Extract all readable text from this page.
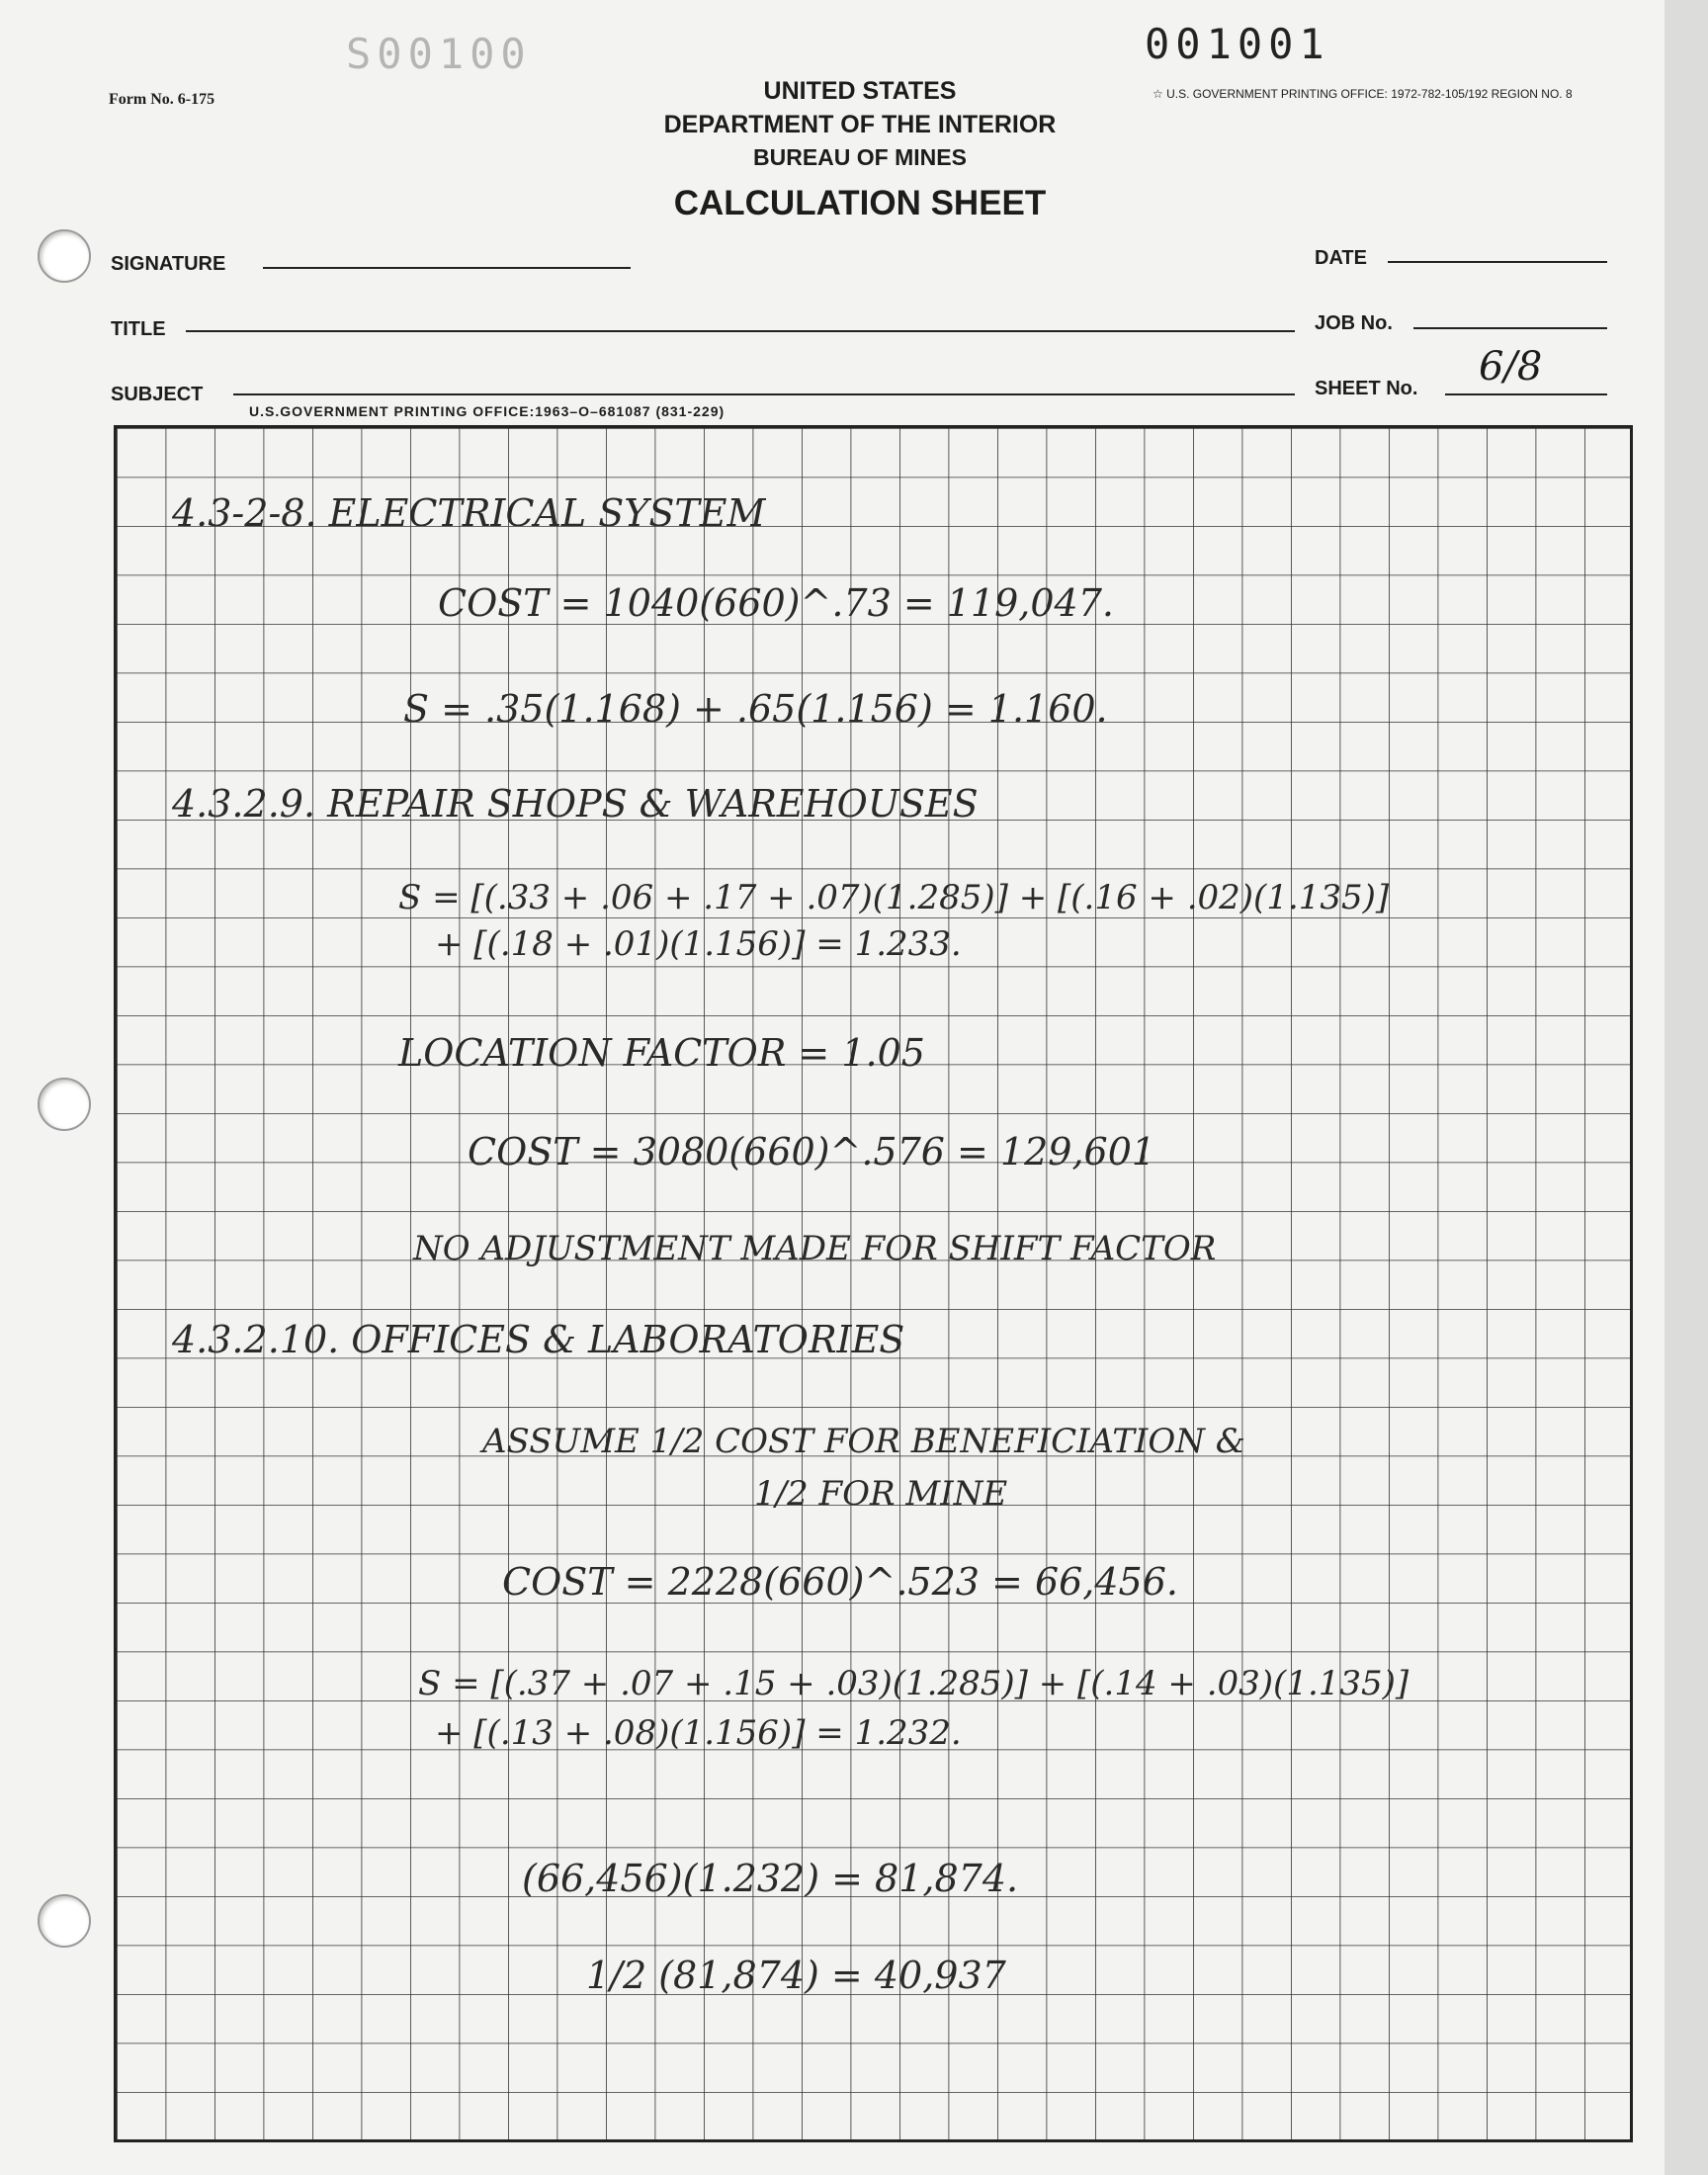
S00100	001001
Form No. 6-175	☆ U.S. GOVERNMENT PRINTING OFFICE: 1972-782-105/192 REGION NO. 8
UNITED STATES
DEPARTMENT OF THE INTERIOR
BUREAU OF MINES
CALCULATION SHEET
SIGNATURE	DATE
TITLE	JOB No.
SUBJECT	SHEET No. 6/8
U.S.GOVERNMENT PRINTING OFFICE:1963–O–681087 (831-229)
4.3-2-8. ELECTRICAL SYSTEM
COST = 1040(660)^.73 = 119,047.
S = .35(1.168) + .65(1.156) = 1.160.
4.3.2.9. REPAIR SHOPS & WAREHOUSES
S = [(.33 + .06 + .17 + .07)(1.285)] + [(.16 + .02)(1.135)]
+ [(.18 + .01)(1.156)] = 1.233.
LOCATION FACTOR = 1.05
COST = 3080(660)^.576 = 129,601
NO ADJUSTMENT MADE FOR SHIFT FACTOR
4.3.2.10. OFFICES & LABORATORIES
ASSUME 1/2 COST FOR BENEFICIATION &
1/2 FOR MINE
COST = 2228(660)^.523 = 66,456.
S = [(.37 + .07 + .15 + .03)(1.285)] + [(.14 + .03)(1.135)]
+ [(.13 + .08)(1.156)] = 1.232.
(66,456)(1.232) = 81,874.
1/2 (81,874) = 40,937
